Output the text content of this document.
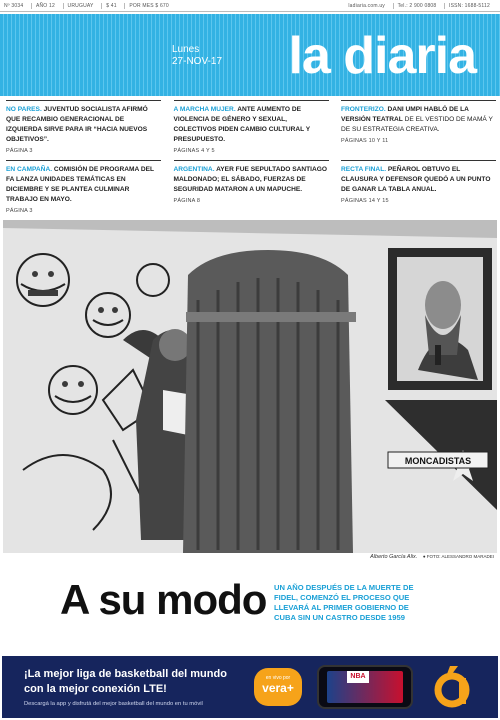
Nº 3034	AÑO 12	URUGUAY	$ 41	POR MES $ 670	ladiaria.com.uy	Tel.: 2 900 0808	ISSN: 1688-5112
Lunes
27-NOV-17 la diaria

NO PARES. JUVENTUD SOCIALISTA AFIRMÓ QUE RECAMBIO GENERACIONAL DE IZQUIERDA SIRVE PARA IR “HACIA NUEVOS OBJETIVOS”.

PÁGINA 3

A MARCHA MUJER. ANTE AUMENTO DE VIOLENCIA DE GÉNERO Y SEXUAL, COLECTIVOS PIDEN CAMBIO CULTURAL Y PRESUPUESTO.

PÁGINAS 4 Y 5

FRONTERIZO. DANI UMPI HABLÓ DE LA VERSIÓN TEATRAL DE EL VESTIDO DE MAMÁ Y DE SU ESTRATEGIA CREATIVA.

PÁGINAS 10 Y 11

EN CAMPAÑA. COMISIÓN DE PROGRAMA DEL FA LANZA UNIDADES TEMÁTICAS EN DICIEMBRE Y SE PLANTEA CULMINAR TRABAJO EN MAYO.

PÁGINA 3

ARGENTINA. AYER FUE SEPULTADO SANTIAGO MALDONADO; EL SÁBADO, FUERZAS DE SEGURIDAD MATARON A UN MAPUCHE.

PÁGINA 8

RECTA FINAL. PEÑAROL OBTUVO EL CLAUSURA Y DEFENSOR QUEDÓ A UN PUNTO DE GANAR LA TABLA ANUAL.

PÁGINAS 14 Y 15
MONCADISTAS
Alberto García Alix. ● FOTO: ALESSANDRO MARADEI
A su modo UN AÑO DESPUÉS DE LA MUERTE DE FIDEL, COMENZÓ EL PROCESO QUE LLEVARÁ AL PRIMER GOBIERNO DE CUBA SIN UN CASTRO DESDE 1959
¡La mejor liga de basketball del mundo
con la mejor conexión LTE!
Descargá la app y disfrutá del mejor basketball del mundo en tu móvil
en vivo por
vera+
NBA
